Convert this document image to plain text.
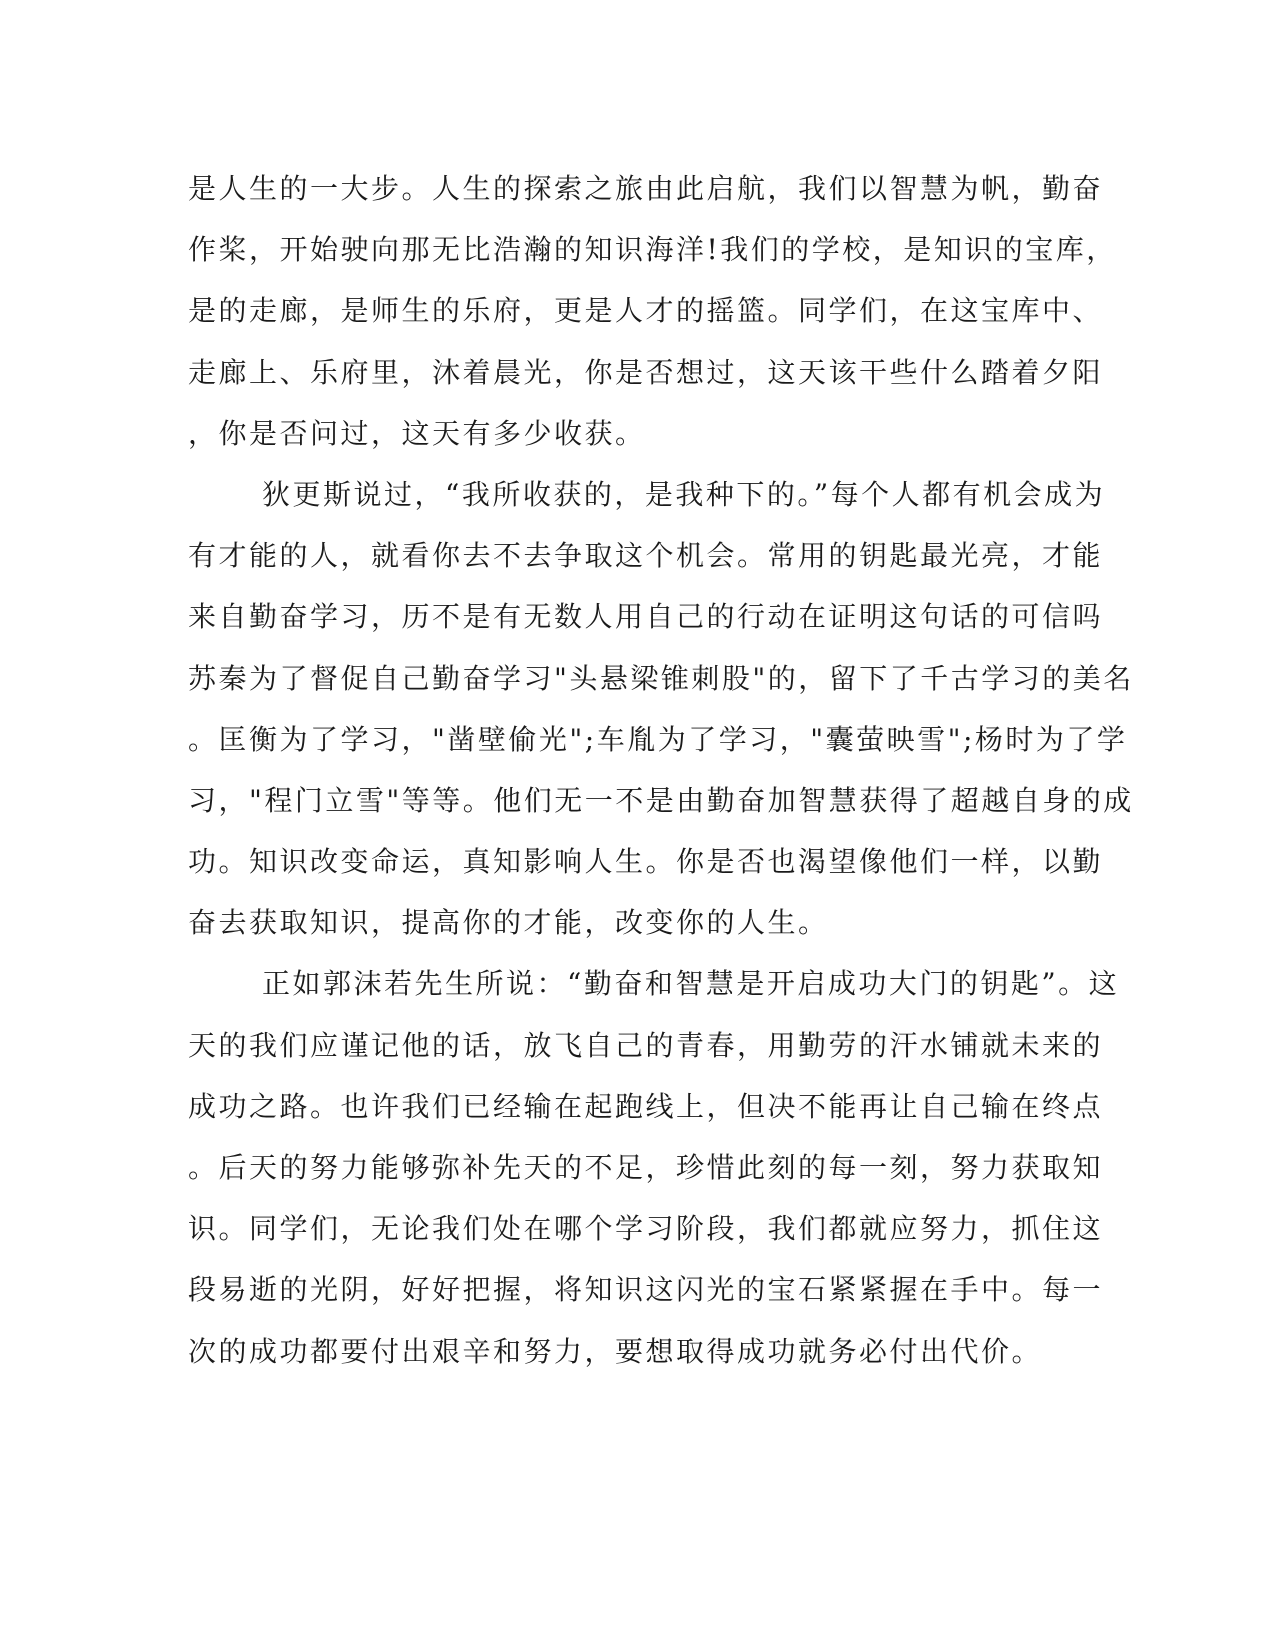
是人生的一大步。人生的探索之旅由此启航，我们以智慧为帆，勤奋
作桨，开始驶向那无比浩瀚的知识海洋!我们的学校，是知识的宝库，
是的走廊，是师生的乐府，更是人才的摇篮。同学们，在这宝库中、
走廊上、乐府里，沐着晨光，你是否想过，这天该干些什么踏着夕阳
，你是否问过，这天有多少收获。
狄更斯说过，“我所收获的，是我种下的。”每个人都有机会成为
有才能的人，就看你去不去争取这个机会。常用的钥匙最光亮，才能
来自勤奋学习，历不是有无数人用自己的行动在证明这句话的可信吗
苏秦为了督促自己勤奋学习"头悬梁锥刺股"的，留下了千古学习的美名
。匡衡为了学习，"凿壁偷光";车胤为了学习，"囊萤映雪";杨时为了学
习，"程门立雪"等等。他们无一不是由勤奋加智慧获得了超越自身的成
功。知识改变命运，真知影响人生。你是否也渴望像他们一样，以勤
奋去获取知识，提高你的才能，改变你的人生。
正如郭沫若先生所说：“勤奋和智慧是开启成功大门的钥匙”。这
天的我们应谨记他的话，放飞自己的青春，用勤劳的汗水铺就未来的
成功之路。也许我们已经输在起跑线上，但决不能再让自己输在终点
。后天的努力能够弥补先天的不足，珍惜此刻的每一刻，努力获取知
识。同学们，无论我们处在哪个学习阶段，我们都就应努力，抓住这
段易逝的光阴，好好把握，将知识这闪光的宝石紧紧握在手中。每一
次的成功都要付出艰辛和努力，要想取得成功就务必付出代价。
